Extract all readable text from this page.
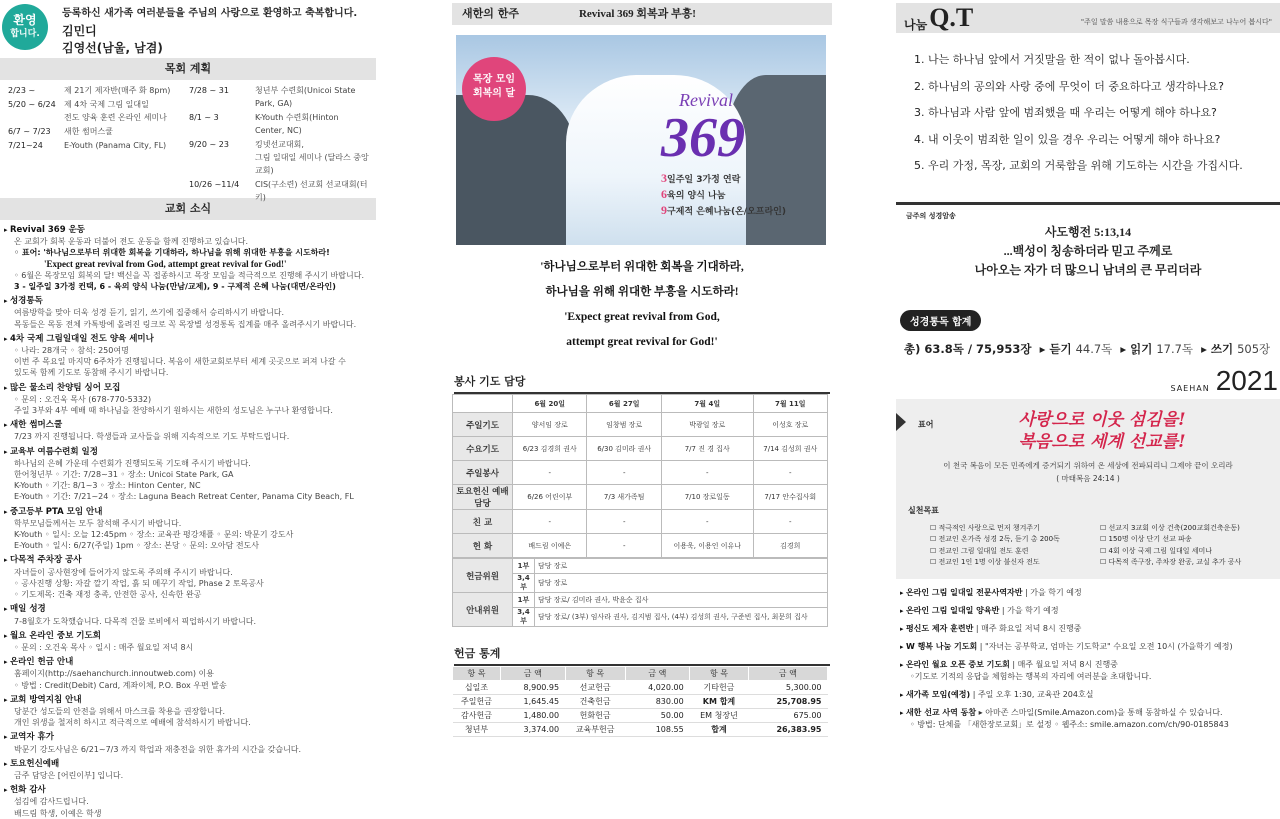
환영
합니다.
등록하신 새가족 여러분들을 주님의 사랑으로 환영하고 축복합니다.
김민디
김영선(남울, 남겸)
목회 계획
2/23 ~	제 21기 제자반(매주 화 8pm)
5/20 ~ 6/24	제 4차 국제 그림 일대일
전도 양육 훈련 온라인 세미나
6/7 ~ 7/23	새한 썸머스쿨
7/21~24	E-Youth (Panama City, FL)
7/28 ~ 31	청년부 수련회(Unicoi State Park, GA)
8/1 ~ 3	K-Youth 수련회(Hinton Center, NC)
9/20 ~ 23	킹넷선교대회,
그림 일대일 세미나 (달라스 중앙교회)
10/26 ~11/4	CIS(구소련) 선교회 선교대회(터키)
교회 소식
▸ Revival 369 운동
온 교회가 회복 운동과 더불어 전도 운동을 함께 진행하고 있습니다.
◦ 표어: '하나님으로부터 위대한 회복을 기대하라, 하나님을 위해 위대한 부흥을 시도하라!
'Expect great revival from God, attempt great revival for God!'
◦ 6월은 목장모임 회복의 달! 백신을 꼭 접종하시고 목장 모임을 적극적으로 진행해 주시기 바랍니다.
3 - 일주일 3가정 컨택, 6 - 육의 양식 나눔(만남/교제), 9 - 구제적 은혜 나눔(대면/온라인)
▸ 성경통독
여름방학을 맞아 더욱 성경 듣기, 읽기, 쓰기에 집중해서 승리하시기 바랍니다.
목동들은 목동 전체 카톡방에 올려진 링크로 꼭 목장별 성경통독 집계를 매주 올려주시기 바랍니다.
▸ 4차 국제 그림일대일 전도 양육 세미나
◦ 나라: 28개국 ◦ 참석: 250여명
이번 주 목요일 마지막 6주차가 진행됩니다. 복음이 새한교회로부터 세계 곳곳으로 퍼져 나갈 수
있도록 함께 기도로 동참해 주시기 바랍니다.
▸ 많은 물소리 찬양팀 싱어 모집
◦ 문의 : 오건욱 목사 (678-770-5332)
주일 3부와 4부 예배 때 하나님을 찬양하시기 원하시는 새한의 성도님은 누구나 환영합니다.
▸ 새한 썸머스쿨
7/23 까지 진행됩니다. 학생들과 교사들을 위해 지속적으로 기도 부탁드립니다.
▸ 교육부 여름수련회 일정
하나님의 은혜 가운데 수련회가 진행되도록 기도해 주시기 바랍니다.
한어청년부 ◦ 기간: 7/28~31 ◦ 장소: Unicoi State Park, GA
K-Youth ◦ 기간: 8/1~3 ◦ 장소: Hinton Center, NC
E-Youth ◦ 기간: 7/21~24 ◦ 장소: Laguna Beach Retreat Center, Panama City Beach, FL
▸ 중고등부 PTA 모임 안내
학부모님들께서는 모두 참석해 주시기 바랍니다.
K-Youth ◦ 일시: 오늘 12:45pm ◦ 장소: 교육관 평강채플 ◦ 문의: 박문기 강도사
E-Youth ◦ 일시: 6/27(주일) 1pm ◦ 장소: 본당 ◦ 문의: 오아담 전도사
▸ 다목적 주차장 공사
자녀들이 공사현장에 들어가지 않도록 주의해 주시기 바랍니다.
◦ 공사진행 상황: 자갈 깔기 작업, 흙 되 메꾸기 작업, Phase 2 토목공사
◦ 기도제목: 건축 재정 충족, 안전한 공사, 신속한 완공
▸ 매일 성경
7-8월호가 도착했습니다. 다목적 건물 로비에서 픽업하시기 바랍니다.
▸ 월요 온라인 중보 기도회
◦ 문의 : 오건욱 목사 ◦ 일시 : 매주 월요일 저녁 8시
▸ 온라인 헌금 안내
홈페이지(http://saehanchurch.innoutweb.com) 이용
◦ 방법 : Credit(Debit) Card, 계좌이체, P.O. Box 우편 발송
▸ 교회 방역지침 안내
당분간 성도들의 안전을 위해서 마스크를 착용을 권장합니다.
개인 위생을 철저히 하시고 적극적으로 예배에 참석하시기 바랍니다.
▸ 교역자 휴가
박문기 강도사님은 6/21~7/3 까지 학업과 재충전을 위한 휴가의 시간을 갖습니다.
▸ 토요헌신예배
금주 담당은 [어린이부] 입니다.
▸ 헌화 감사
섬김에 감사드립니다.
배드림 학생, 이예은 학생
새한의 한주	Revival 369 회복과 부흥!
목장 모임
회복의 달	Revival
369
3일주일 3가정 연락
6육의 양식 나눔
9구제적 은혜나눔(온/오프라인)
'하나님으로부터 위대한 회복을 기대하라,
하나님을 위해 위대한 부흥을 시도하라!
'Expect great revival from God,
attempt great revival for God!'
봉사 기도 담당
	6월 20일	6월 27일	7월 4일	7월 11일
주일기도	양서임 장로	임창범 장로	박광일 장로	이성호 장로
수요기도	6/23 김경희 권사	6/30 김미라 권사	7/7 진 경 집사	7/14 김성희 권사
주일봉사	-	-	-	-
토요헌신 예배담당	6/26 어린이부	7/3 새가족팀	7/10 장로일동	7/17 안수집사회
친 교	-	-	-	-
헌 화	배드림 이예은	-	이용욱, 이용인 이유나	김경희
헌금위원	1부	담당 장로
	3,4부	담당 장로
안내위원	1부	담당 장로/ 김미라 권사, 박윤순 집사
	3,4부	담당 장로/ (3부) 임사라 권사, 김지범 집사, (4부) 김성희 권사, 구준빈 집사, 최문희 집사
헌금 통계
항 목	금 액	항 목	금 액	항 목	금 액
십일조	8,900.95	선교헌금	4,020.00	기타헌금	5,300.00
주일헌금	1,645.45	건축헌금	830.00	KM 합계	25,708.95
감사헌금	1,480.00	헌화헌금	50.00	EM 청장년	675.00
청년부	3,374.00	교육부헌금	108.55	합계	26,383.95
나눔 Q.T	"주일 말씀 내용으로 목장 식구들과 생각해보고 나누어 봅시다"
1. 나는 하나님 앞에서 거짓말을 한 적이 없나 돌아봅시다.
2. 하나님의 공의와 사랑 중에 무엇이 더 중요하다고 생각하나요?
3. 하나님과 사람 앞에 범죄했을 때 우리는 어떻게 해야 하나요?
4. 내 이웃이 범죄한 일이 있을 경우 우리는 어떻게 해야 하나요?
5. 우리 가정, 목장, 교회의 거룩함을 위해 기도하는 시간을 가집시다.
금주의 성경암송
사도행전 5:13,14
...백성이 칭송하더라 믿고 주께로
나아오는 자가 더 많으니 남녀의 큰 무리더라
성경통독 합계
총) 63.8독 / 75,953장 ▸ 듣기 44.7독 ▸ 읽기 17.7독 ▸ 쓰기 505장
SAEHAN 2021
표어	사랑으로 이웃 섬김을!
복음으로 세계 선교를!
이 천국 복음이 모든 민족에게 증거되기 위하여 온 세상에 전파되리니 그제야 끝이 오리라
( 마태복음 24:14 )
실천목표
☐ 적극적인 사랑으로 먼저 챙겨주기	☐ 선교지 3교회 이상 건축(200교회건축운동)
☐ 전교인 온가족 성경 2독, 듣기 총 200독	☐ 150명 이상 단기 선교 파송
☐ 전교인 그림 일대일 전도 훈련	☐ 4회 이상 국제 그림 일대일 세미나
☐ 전교인 1인 1명 이상 불신자 전도	☐ 다목적 족구장, 주차장 완공, 교실 추가 공사
▸ 온라인 그림 일대일 전문사역자반 | 가을 학기 예정
▸ 온라인 그림 일대일 양육반 | 가을 학기 예정
▸ 평신도 제자 훈련반 | 매주 화요일 저녁 8시 진행중
▸ W 행복 나눔 기도회 | "자녀는 공부학교, 엄마는 기도학교" 수요일 오전 10시 (가을학기 예정)
▸ 온라인 월요 오픈 중보 기도회 | 매주 월요일 저녁 8시 진행중
◦기도로 기적의 응답을 체험하는 행복의 자리에 여러분을 초대합니다.
▸ 새가족 모임(예정) | 주일 오후 1:30, 교육관 204호실
▸ 새한 선교 사역 동참 ▸ 아마존 스마일(Smile.Amazon.com)을 통해 동참하실 수 있습니다.
◦ 방법: 단체를 「새한장로교회」로 설정 ◦ 웹주소: smile.amazon.com/ch/90-0185843
